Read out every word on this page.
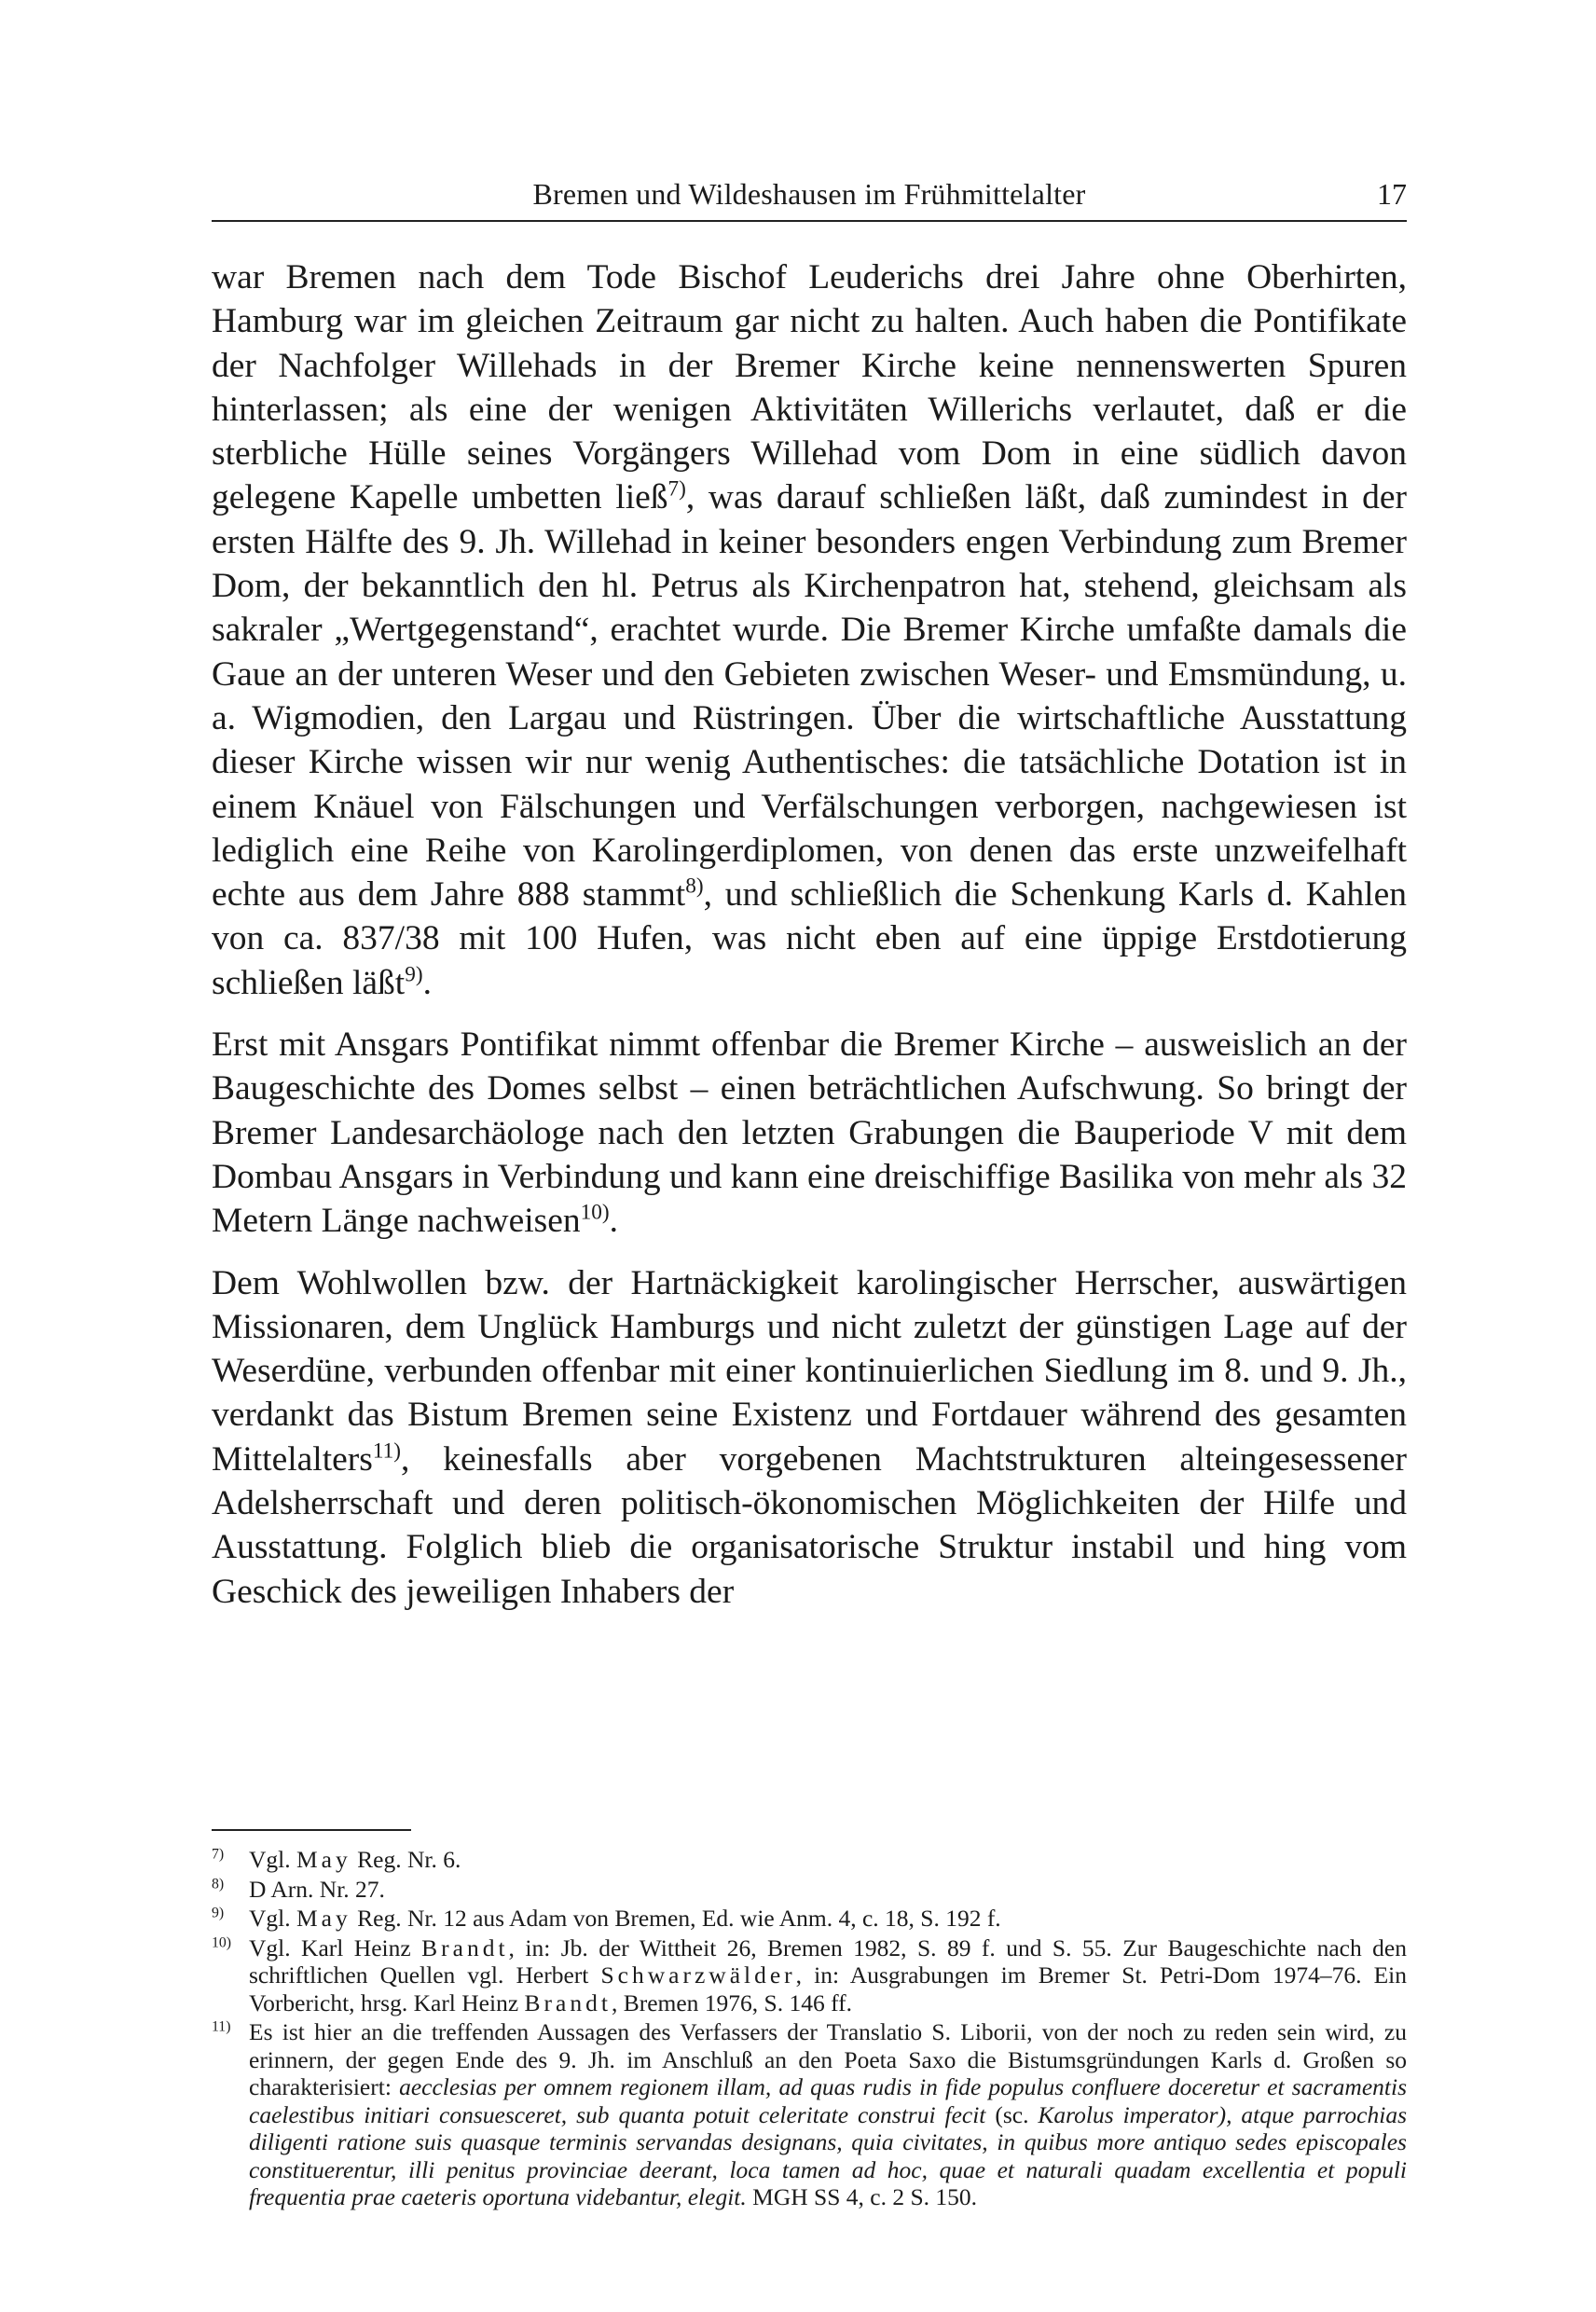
Bremen und Wildeshausen im Frühmittelalter	17

war Bremen nach dem Tode Bischof Leuderichs drei Jahre ohne Oberhirten, Hamburg war im gleichen Zeitraum gar nicht zu halten. Auch haben die Pontifikate der Nachfolger Willehads in der Bremer Kirche keine nennenswerten Spuren hinterlassen; als eine der wenigen Aktivitäten Willerichs verlautet, daß er die sterbliche Hülle seines Vorgängers Willehad vom Dom in eine südlich davon gelegene Kapelle umbetten ließ$^{7)}$, was darauf schließen läßt, daß zumindest in der ersten Hälfte des 9. Jh. Willehad in keiner besonders engen Verbindung zum Bremer Dom, der bekanntlich den hl. Petrus als Kirchenpatron hat, stehend, gleichsam als sakraler „Wertgegenstand“, erachtet wurde. Die Bremer Kirche umfaßte damals die Gaue an der unteren Weser und den Gebieten zwischen Weser- und Emsmündung, u. a. Wigmodien, den Largau und Rüstringen. Über die wirtschaftliche Ausstattung dieser Kirche wissen wir nur wenig Authentisches: die tatsächliche Dotation ist in einem Knäuel von Fälschungen und Verfälschungen verborgen, nachgewiesen ist lediglich eine Reihe von Karolingerdiplomen, von denen das erste unzweifelhaft echte aus dem Jahre 888 stammt$^{8)}$, und schließlich die Schenkung Karls d. Kahlen von ca. 837/38 mit 100 Hufen, was nicht eben auf eine üppige Erstdotierung schließen läßt$^{9)}$.

Erst mit Ansgars Pontifikat nimmt offenbar die Bremer Kirche – ausweislich an der Baugeschichte des Domes selbst – einen beträchtlichen Aufschwung. So bringt der Bremer Landesarchäologe nach den letzten Grabungen die Bauperiode V mit dem Dombau Ansgars in Verbindung und kann eine dreischiffige Basilika von mehr als 32 Metern Länge nachweisen$^{10)}$.

Dem Wohlwollen bzw. der Hartnäckigkeit karolingischer Herrscher, auswärtigen Missionaren, dem Unglück Hamburgs und nicht zuletzt der günstigen Lage auf der Weserdüne, verbunden offenbar mit einer kontinuierlichen Siedlung im 8. und 9. Jh., verdankt das Bistum Bremen seine Existenz und Fortdauer während des gesamten Mittelalters$^{11)}$, keinesfalls aber vorgebenen Machtstrukturen alteingesessener Adelsherrschaft und deren politisch-ökonomischen Möglichkeiten der Hilfe und Ausstattung. Folglich blieb die organisatorische Struktur instabil und hing vom Geschick des jeweiligen Inhabers der

$^{7)}$ Vgl. May Reg. Nr. 6.
$^{8)}$ D Arn. Nr. 27.
$^{9)}$ Vgl. May Reg. Nr. 12 aus Adam von Bremen, Ed. wie Anm. 4, c. 18, S. 192 f.
$^{10)}$ Vgl. Karl Heinz Brandt, in: Jb. der Wittheit 26, Bremen 1982, S. 89 f. und S. 55. Zur Baugeschichte nach den schriftlichen Quellen vgl. Herbert Schwarzwälder, in: Ausgrabungen im Bremer St. Petri-Dom 1974–76. Ein Vorbericht, hrsg. Karl Heinz Brandt, Bremen 1976, S. 146 ff.
$^{11)}$ Es ist hier an die treffenden Aussagen des Verfassers der Translatio S. Liborii, von der noch zu reden sein wird, zu erinnern, der gegen Ende des 9. Jh. im Anschluß an den Poeta Saxo die Bistumsgründungen Karls d. Großen so charakterisiert: aecclesias per omnem regionem illam, ad quas rudis in fide populus confluere doceretur et sacramentis caelestibus initiari consuesceret, sub quanta potuit celeritate construi fecit (sc. Karolus imperator), atque parrochias diligenti ratione suis quasque terminis servandas designans, quia civitates, in quibus more antiquo sedes episcopales constituerentur, illi penitus provinciae deerant, loca tamen ad hoc, quae et naturali quadam excellentia et populi frequentia prae caeteris oportuna videbantur, elegit. MGH SS 4, c. 2 S. 150.
